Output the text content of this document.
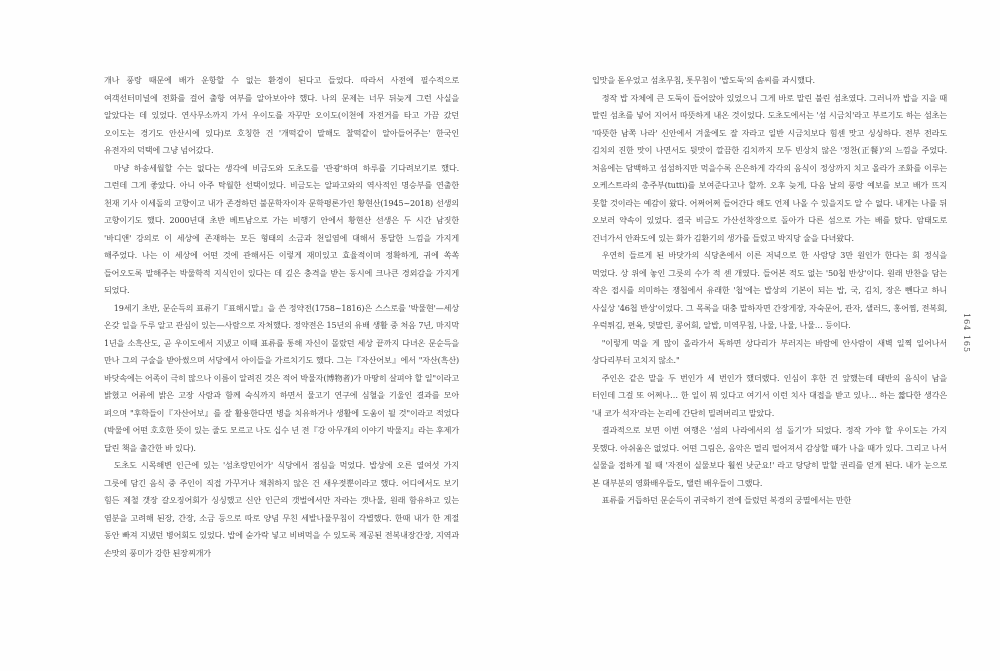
개나 풍랑 때문에 배가 운항할 수 없는 환경이 된다고 들었다. 따라서 사전에 필수적으로 여객선터미널에 전화를 걸어 출항 여부를 알아보아야 했다. 나의 문제는 너무 뒤늦게 그런 사실을 알았다는 데 있었다. 연사무소까지 가서 우이도를 자꾸만 오이도(이천에 자전거를 타고 가끔 갔던 오이도는 경기도 안산시에 있다)로 호칭한 건 '개떡같이 말해도 찰떡같이 알아들어주는' 한국인 유전자의 덕택에 그냥 넘어갔다.

마냥 하송세월할 수는 없다는 생각에 비금도와 도초도를 '관광'하며 하루를 기다려보기로 했다. 그런데 그게 좋았다. 아니 아주 탁월한 선택이었다. 비금도는 알파고와의 역사적인 명승부를 연출한 천재 기사 이세돌의 고향이고 내가 존경하던 불문학자이자 문학평론가인 황현산(1945~2018) 선생의 고향이기도 했다. 2000년대 초반 베트남으로 가는 비행기 안에서 황현산 선생은 두 시간 남짓한 '바디앤' 강의로 이 세상에 존재하는 모든 형태의 소금과 천일염에 대해서 통달한 느낌을 가지게 해주었다. 나는 이 세상에 어떤 것에 관해서든 이렇게 재미있고 효율적이며 정확하게, 귀에 쏙쏙 들어오도록 말해주는 박물학적 지식인이 있다는 데 깊은 충격을 받는 동시에 크나큰 경외감을 가지게 되었다.

19세기 초반, 문순득의 표류기『표해시말』을 쓴 정약전(1758~1816)은 스스로를 '박물현'—세상 온갖 일을 두루 알고 관심이 있는—사람으로 자처했다. 정약전은 15년의 유배 생활 중 처음 7년, 마지막 1년을 소흑산도, 곧 우이도에서 지냈고 이때 표류를 통해 자신이 몰랐던 세상 끝까지 다녀온 문순득을 만나 그의 구술을 받아썼으며 서당에서 아이들을 가르치기도 했다. 그는『자산어보』에서 "자산(흑산) 바닷속에는 어족이 극히 많으나 이름이 알려진 것은 적어 박물자(博物者)가 마땅히 살펴야 할 일"이라고 밝혔고 어류에 밝은 고장 사람과 함께 숙식까지 하면서 물고기 연구에 심혈을 기울인 결과를 모아 펴으며 "후학들이『자산어보』를 잘 활용한다면 병을 치유하거나 생활에 도움이 될 것"이라고 적었다(박물에 어떤 호호한 뜻이 있는 줄도 모르고 나도 십수 년 전『강 아무개의 이야기 박물지』라는 후제가 달린 책을 출간한 바 있다).

도초도 시목해변 인근에 있는 '섬초랑민어가' 식당에서 점심을 먹었다. 밥상에 오른 열여섯 가지 그릇에 담긴 음식 중 주인이 직접 가꾸거나 채취하지 않은 건 새우젓뿐이라고 했다. 어디에서도 보기 힘든 제철 갯장 갈오징어회가 싱싱했고 신안 인근의 갯벌에서만 자라는 갯나물, 원래 함유하고 있는 염분을 고려해 된장, 간장, 소금 등으로 따로 양념 무친 세발나물무침이 각별했다. 한때 내가 한 계절 동안 빠져 지냈던 병어회도 있었다. 밥에 숟가락 넣고 비벼먹을 수 있도록 제공된 전복내장간장, 지역과 손맛의 풍미가 강한 된장찌개가

입맛을 돋우었고 섬초무침, 톳무침이 '밥도둑'의 솜씨를 과시했다.

정작 밥 자체에 큰 도둑이 들어앉아 있었으니 그게 바로 말린 불린 섬초였다. 그러니까 밥을 지을 때 말린 섬초를 넣어 지어서 따뜻하게 내온 것이었다. 도초도에서는 '섬 시금치'라고 부르기도 하는 섬초는 '따뜻한 남쪽 나라' 신안에서 겨울에도 잘 자라고 일반 시금치보다 힘센 맛고 싱싱하다. 전부 전라도 김치의 진한 맛이 나면서도 뒷맛이 깔끔한 김치까지 모두 빈상치 않은 '정찬(正餐)'의 느낌을 주었다. 처음에는 담백하고 섬섬하지만 먹을수록 은은하게 각각의 음식이 정상까지 치고 올라가 조화를 이루는 오케스트라의 총주부(tutti)를 보여준다고나 할까. 오후 늦게, 다음 날의 풍랑 예보를 보고 배가 뜨지 못할 것이라는 예감이 왔다. 어쩌어쩌 들어간다 해도 언제 나올 수 있을지도 알 수 없다. 내게는 나를 뒤 오보러 약속이 있었다. 결국 비금도 가산선착장으로 돌아가 다른 섬으로 가는 배를 탔다. 암태도로 건너가서 안좌도에 있는 화가 김환기의 생가를 들렀고 박지당 술을 다녀왔다.

우연히 들르게 된 바닷가의 식당촌에서 이른 저녁으로 한 사람당 3만 원인가 한다는 회 정식을 먹었다. 상 위에 놓인 그릇의 수가 적 센 개였다. 들어본 적도 없는 '50첩 반상'이다. 원래 반찬을 담는 작은 접시를 의미하는 쟁첩에서 유래한 '첩'에는 밥상의 기본이 되는 밥, 국, 김치, 장은 뺀다고 하니 사실상 '46첩 반상'이었다. 그 목록을 대충 말하자면 간장게장, 자숙문어, 관자, 샐러드, 홍어찜, 전복회, 우럭튀김, 편육, 덧말린, 콩어회, 알밥, 미역무침, 나물, 나물, 나물… 등이다.

"이렇게 먹을 게 많이 올라가서 독하면 상다리가 부러지는 바람에 안사람이 새벽 일찍 일어나서 상다리부터 고치지 않소."

주인은 같은 말을 두 번인가 세 번인가 했더랬다. 인심이 후한 건 앞했는데 태반의 음식이 남을 터인데 그걸 또 어쩌나… 한 일이 뭐 있다고 여기서 이런 치사 대접을 받고 있나… 하는 짧다한 생각은 '내 코가 석자'라는 논리에 간단히 밀려버리고 말았다.

결과적으로 보면 이번 여행은 '섬의 나라에서의 섬 돌기'가 되었다. 정작 가야 할 우이도는 가지 못했다. 아쉬움은 없었다. 어떤 그림은, 음악은 멀리 떨어져서 감상할 때가 나을 때가 있다. 그리고 나서 실물을 접하게 될 때 '자전이 실물보다 훨씬 낫군요!' 라고 당당히 말할 권리를 얻게 된다. 내가 눈으로 본 대부분의 영화배우들도, 탤런 배우들이 그랬다.

표류를 거듭하던 문순득이 귀국하기 전에 들렀던 복경의 궁멸에서는 만한

164 165
